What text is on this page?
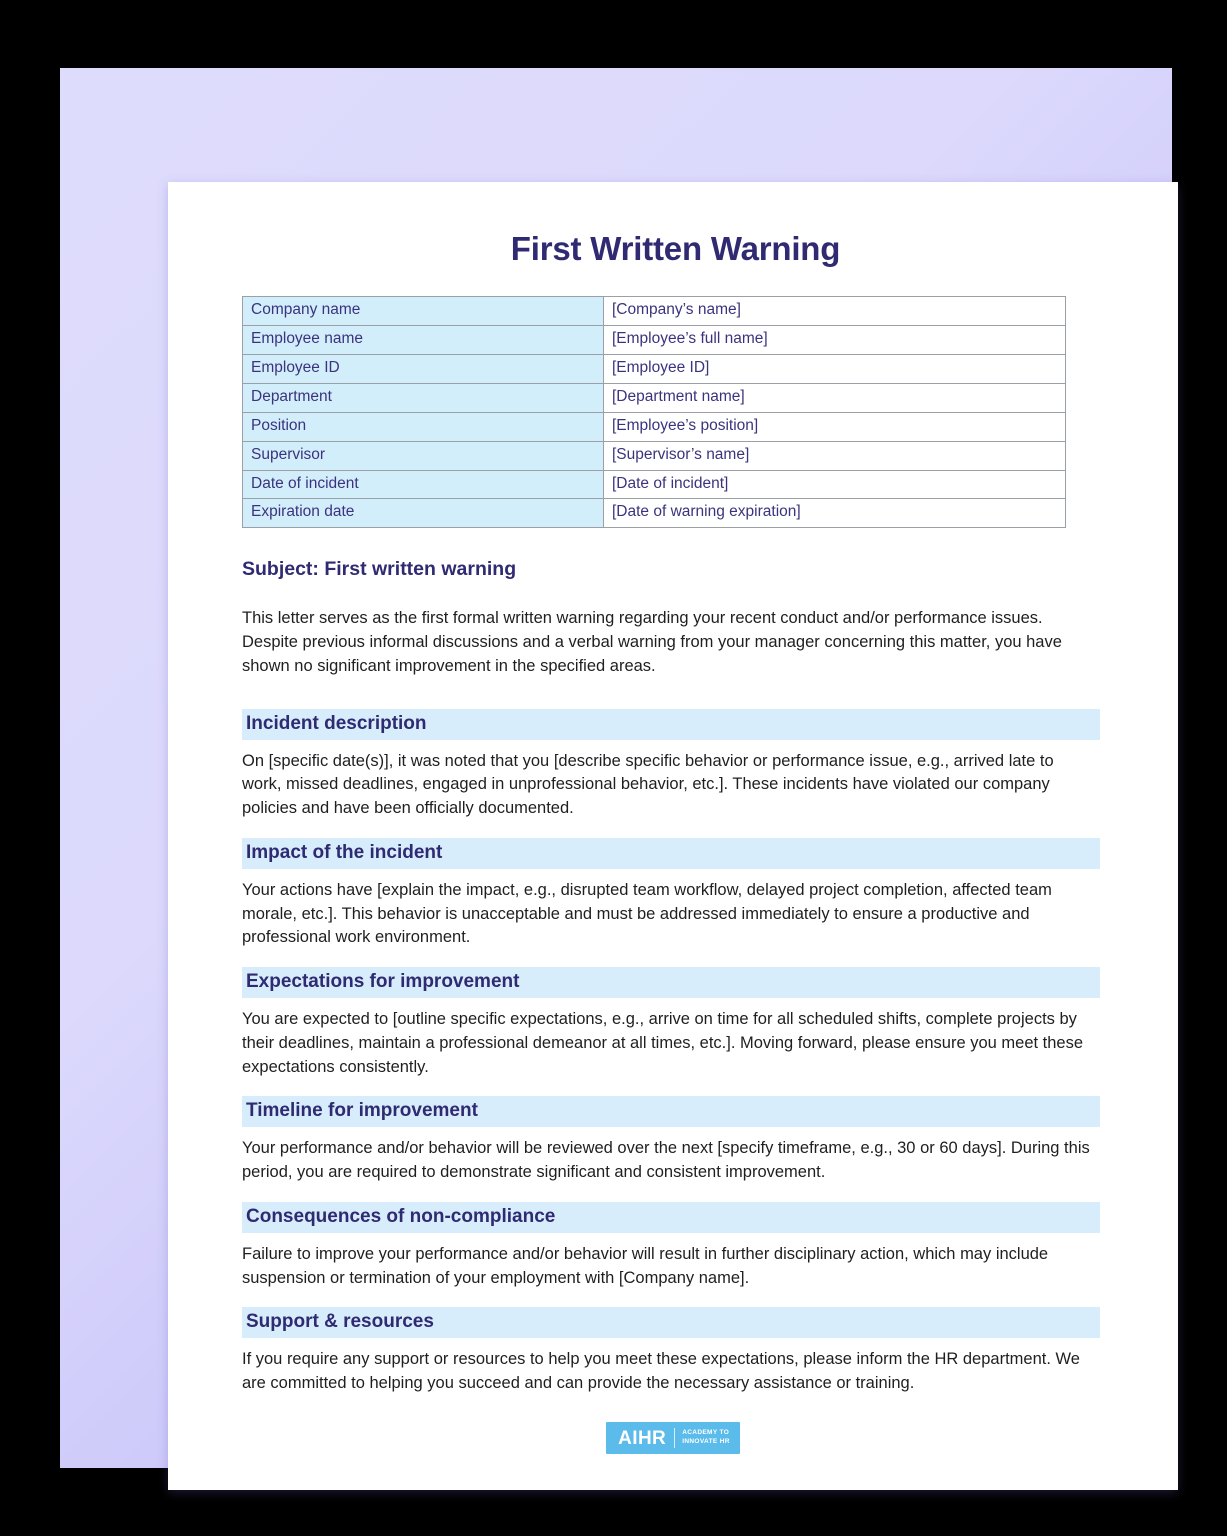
First Written Warning
Company name	[Company’s name]
Employee name	[Employee’s full name]
Employee ID	[Employee ID]
Department	[Department name]
Position	[Employee’s position]
Supervisor	[Supervisor’s name]
Date of incident	[Date of incident]
Expiration date	[Date of warning expiration]

Subject: First written warning

This letter serves as the first formal written warning regarding your recent conduct and/or performance issues. Despite previous informal discussions and a verbal warning from your manager concerning this matter, you have shown no significant improvement in the specified areas.

Incident description

On [specific date(s)], it was noted that you [describe specific behavior or performance issue, e.g., arrived late to work, missed deadlines, engaged in unprofessional behavior, etc.]. These incidents have violated our company policies and have been officially documented.

Impact of the incident

Your actions have [explain the impact, e.g., disrupted team workflow, delayed project completion, affected team morale, etc.]. This behavior is unacceptable and must be addressed immediately to ensure a productive and professional work environment.

Expectations for improvement

You are expected to [outline specific expectations, e.g., arrive on time for all scheduled shifts, complete projects by their deadlines, maintain a professional demeanor at all times, etc.]. Moving forward, please ensure you meet these expectations consistently.

Timeline for improvement

Your performance and/or behavior will be reviewed over the next [specify timeframe, e.g., 30 or 60 days]. During this period, you are required to demonstrate significant and consistent improvement.

Consequences of non-compliance

Failure to improve your performance and/or behavior will result in further disciplinary action, which may include suspension or termination of your employment with [Company name].

Support & resources

If you require any support or resources to help you meet these expectations, please inform the HR department. We are committed to helping you succeed and can provide the necessary assistance or training.

AIHR ACADEMY TO
INNOVATE HR
